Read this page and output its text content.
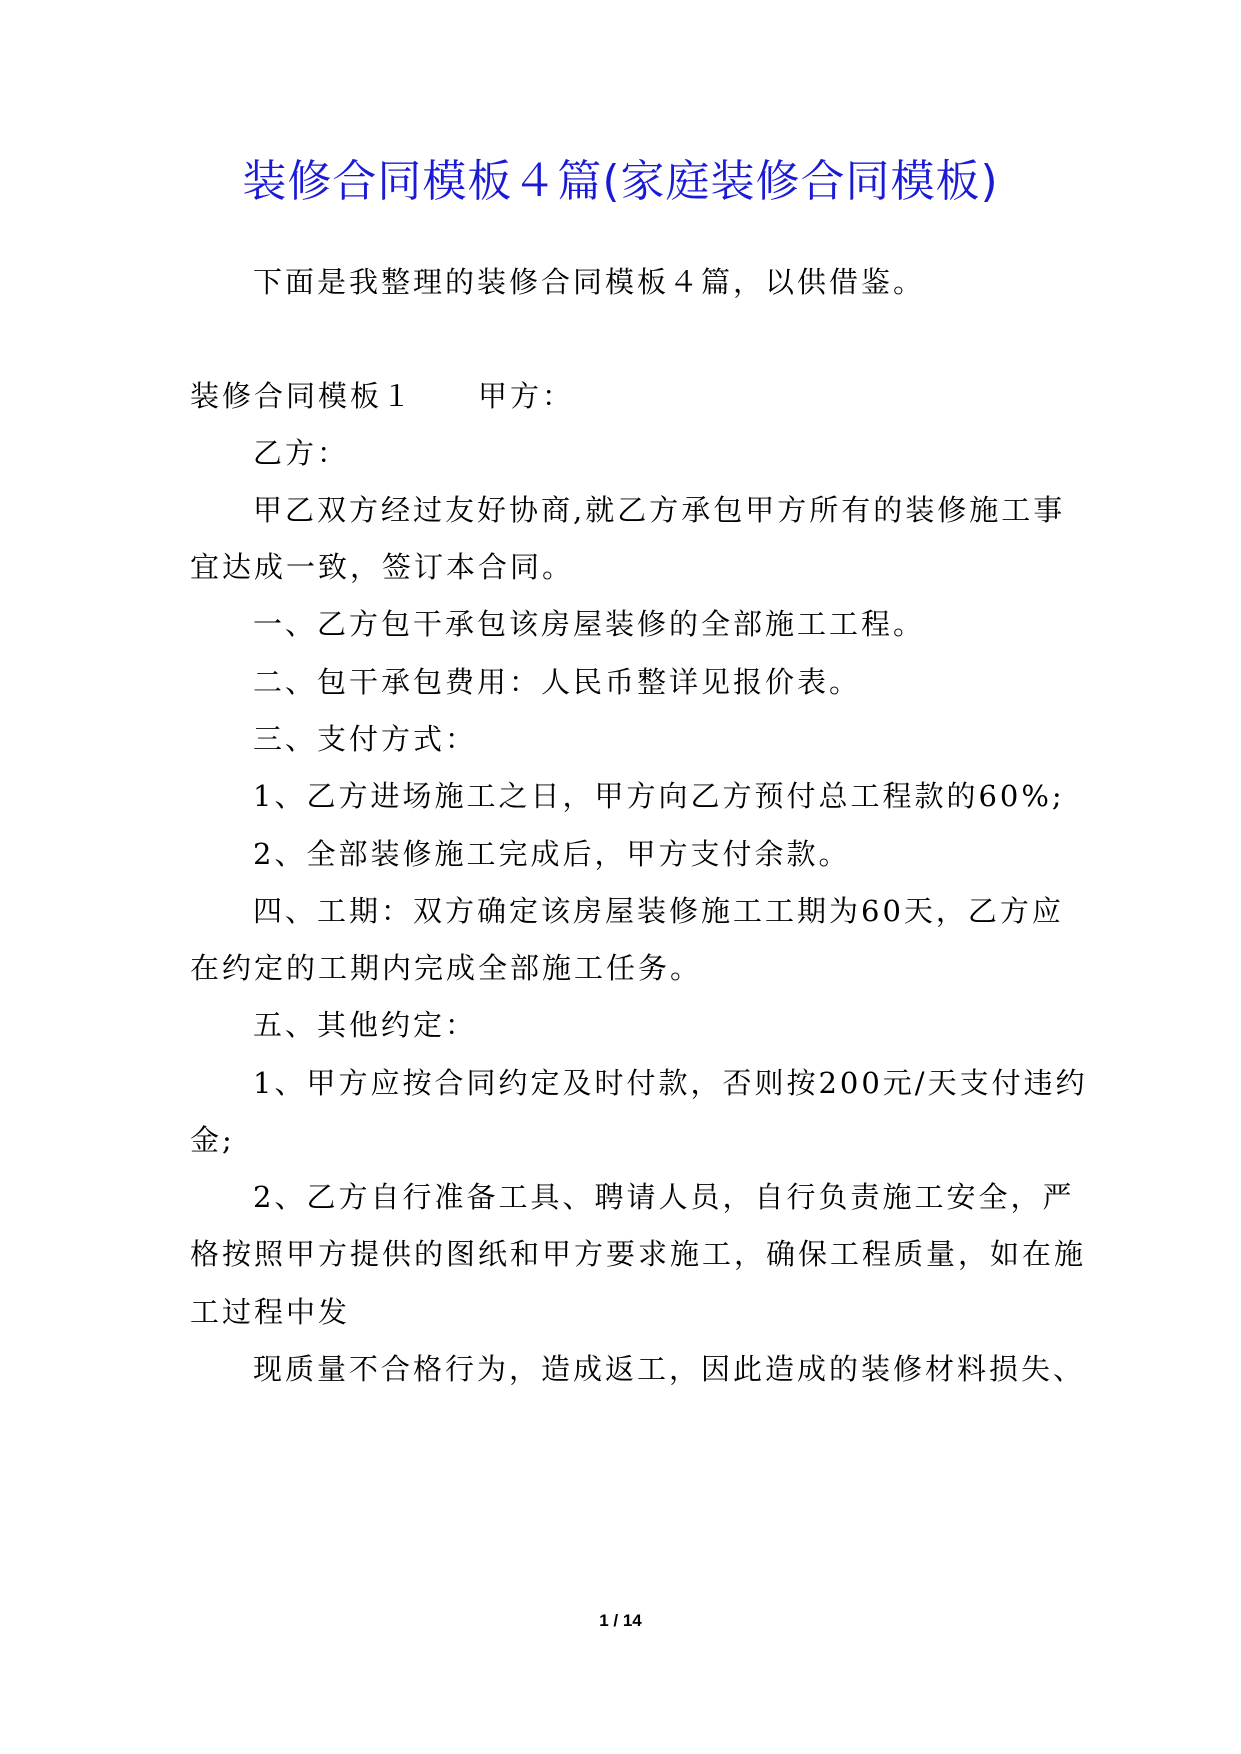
装修合同模板４篇(家庭装修合同模板)
下面是我整理的装修合同模板４篇，以供借鉴。
装修合同模板１ 甲方：
乙方：
甲乙双方经过友好协商,就乙方承包甲方所有的装修施工事
宜达成一致，签订本合同。
一、乙方包干承包该房屋装修的全部施工工程。
二、包干承包费用：人民币整详见报价表。
三、支付方式：
1、乙方进场施工之日，甲方向乙方预付总工程款的60%;
2、全部装修施工完成后，甲方支付余款。
四、工期：双方确定该房屋装修施工工期为60天，乙方应
在约定的工期内完成全部施工任务。
五、其他约定：
1、甲方应按合同约定及时付款，否则按200元/天支付违约
金;
2、乙方自行准备工具、聘请人员，自行负责施工安全，严
格按照甲方提供的图纸和甲方要求施工，确保工程质量，如在施
工过程中发
现质量不合格行为，造成返工，因此造成的装修材料损失、
1 / 14
